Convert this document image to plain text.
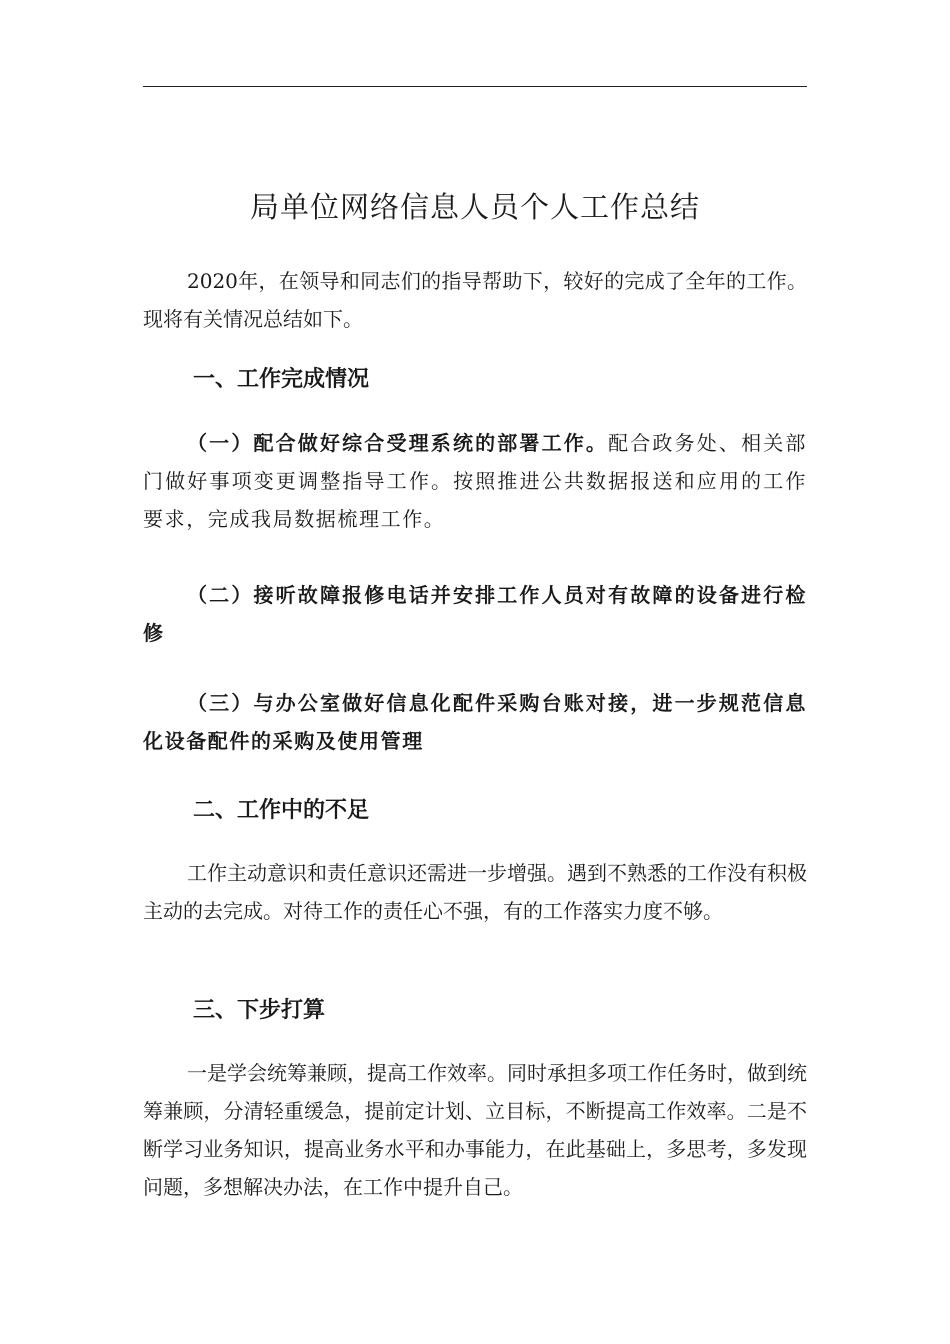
局单位网络信息人员个人工作总结

2020年，在领导和同志们的指导帮助下，较好的完成了全年的工作。现将有关情况总结如下。

一、工作完成情况

（一）配合做好综合受理系统的部署工作。配合政务处、相关部门做好事项变更调整指导工作。按照推进公共数据报送和应用的工作要求，完成我局数据梳理工作。

（二）接听故障报修电话并安排工作人员对有故障的设备进行检修

（三）与办公室做好信息化配件采购台账对接，进一步规范信息化设备配件的采购及使用管理

二、工作中的不足

工作主动意识和责任意识还需进一步增强。遇到不熟悉的工作没有积极主动的去完成。对待工作的责任心不强，有的工作落实力度不够。

三、下步打算

一是学会统筹兼顾，提高工作效率。同时承担多项工作任务时，做到统筹兼顾，分清轻重缓急，提前定计划、立目标，不断提高工作效率。二是不断学习业务知识，提高业务水平和办事能力，在此基础上，多思考，多发现问题，多想解决办法，在工作中提升自己。
